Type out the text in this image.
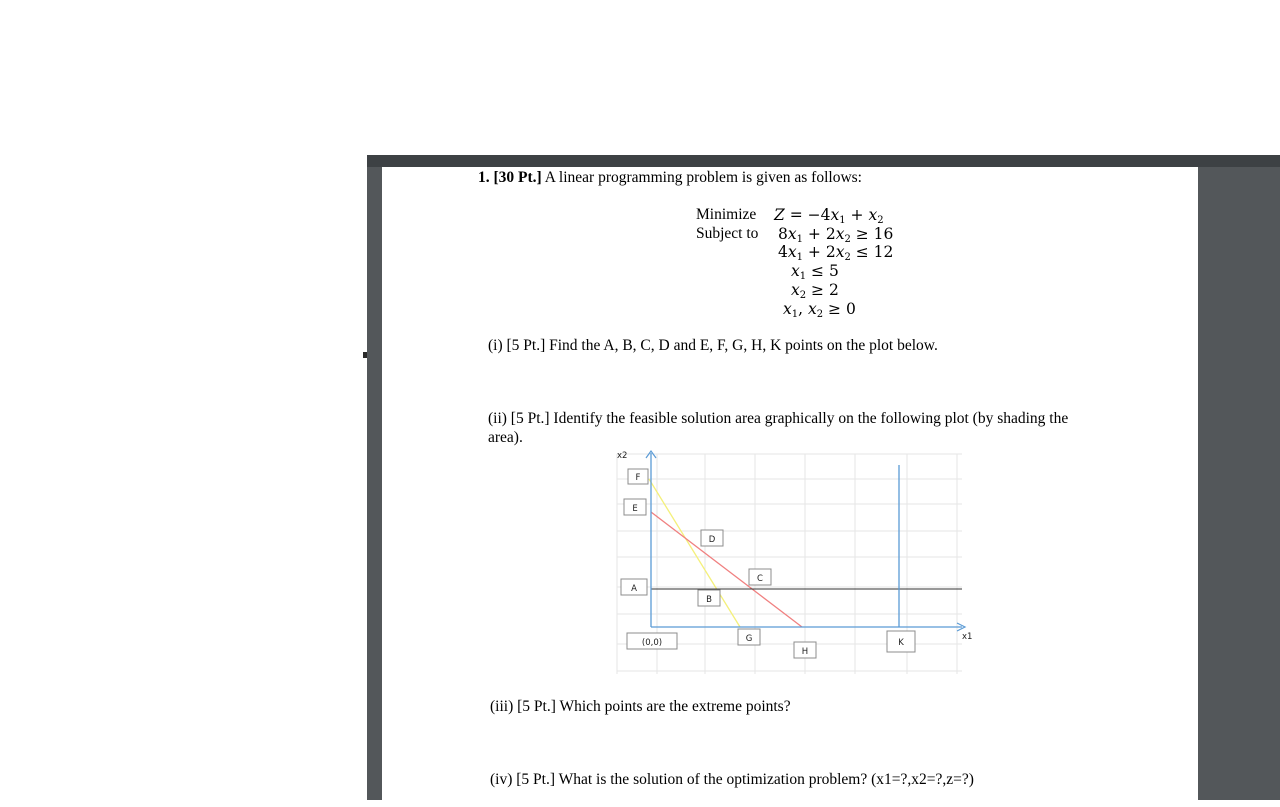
1. [30 Pt.] A linear programming problem is given as follows:
Minimize $Z = -4x_1 + x_2$
Subject to $8x_1 + 2x_2 \ge 16$
$4x_1 + 2x_2 \le 12$
$x_1 \le 5$
$x_2 \ge 2$
$x_1$, $x_2 \ge 0$
(i) [5 Pt.] Find the A, B, C, D and E, F, G, H, K points on the plot below.
(ii) [5 Pt.] Identify the feasible solution area graphically on the following plot (by shading the
area).
x2
x1
F
E
D
C
A
B
(0,0)	G
H
K
(iii) [5 Pt.] Which points are the extreme points?
(iv) [5 Pt.] What is the solution of the optimization problem? (x1=?,x2=?,z=?)
